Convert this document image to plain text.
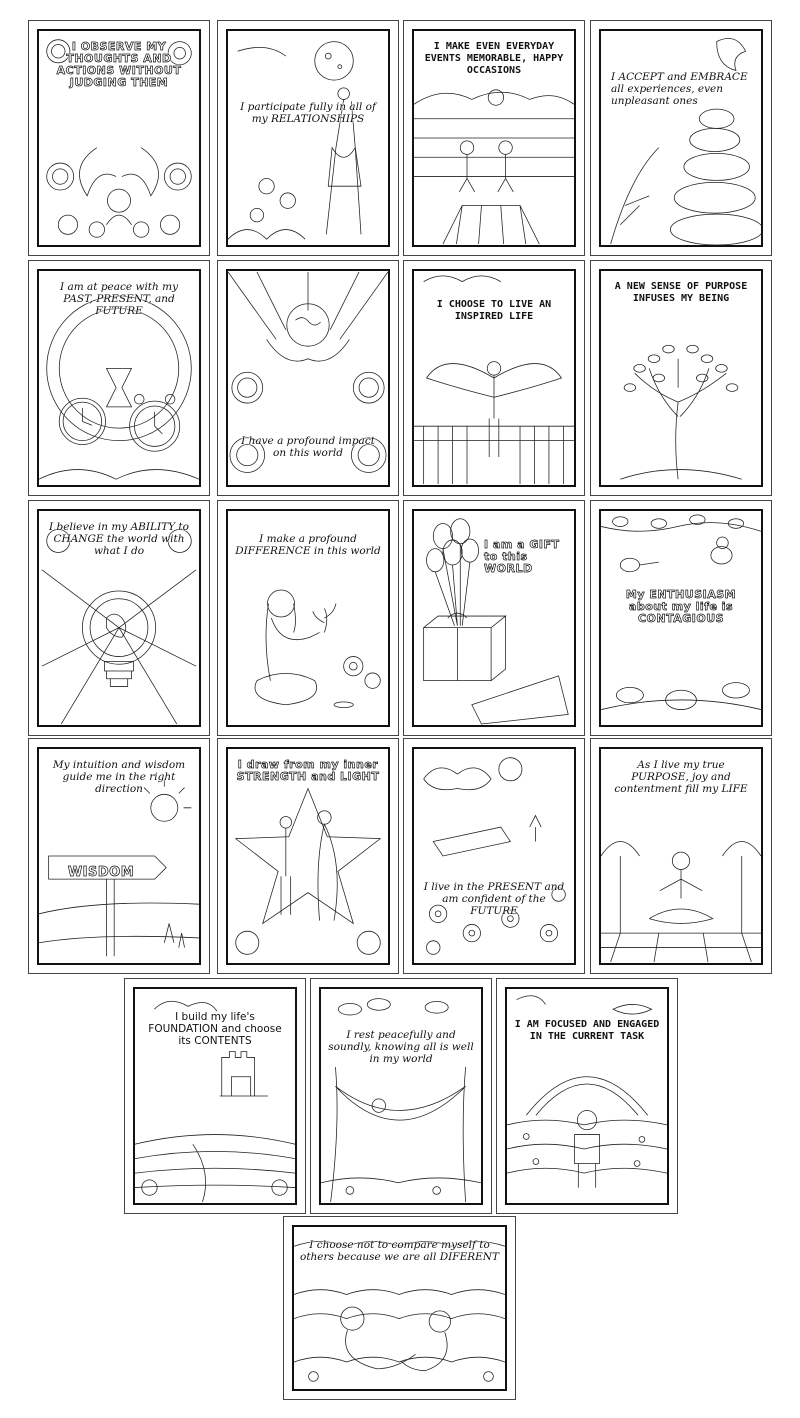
I OBSERVE MY THOUGHTS AND ACTIONS WITHOUT JUDGING THEM
I participate fully in all of my RELATIONSHIPS
I MAKE EVEN EVERYDAY EVENTS MEMORABLE, HAPPY OCCASIONS
I ACCEPT and EMBRACE all experiences, even unpleasant ones
I am at peace with my PAST, PRESENT, and FUTURE
I have a profound impact on this world
I CHOOSE TO LIVE AN INSPIRED LIFE
A NEW SENSE OF PURPOSE INFUSES MY BEING
I believe in my ABILITY to CHANGE the world with what I do
I make a profound DIFFERENCE in this world	I am a GIFT to this WORLD
My ENTHUSIASM about my life is CONTAGIOUS
My intuition and wisdom guide me in the right direction
WISDOM
I draw from my inner STRENGTH and LIGHT
I live in the PRESENT and am confident of the FUTURE
As I live my true PURPOSE, joy and contentment fill my LIFE
I build my life's FOUNDATION and choose its CONTENTS	I rest peacefully and soundly, knowing all is well in my world
I AM FOCUSED AND ENGAGED IN THE CURRENT TASK
I choose not to compare myself to others because we are all DIFERENT
